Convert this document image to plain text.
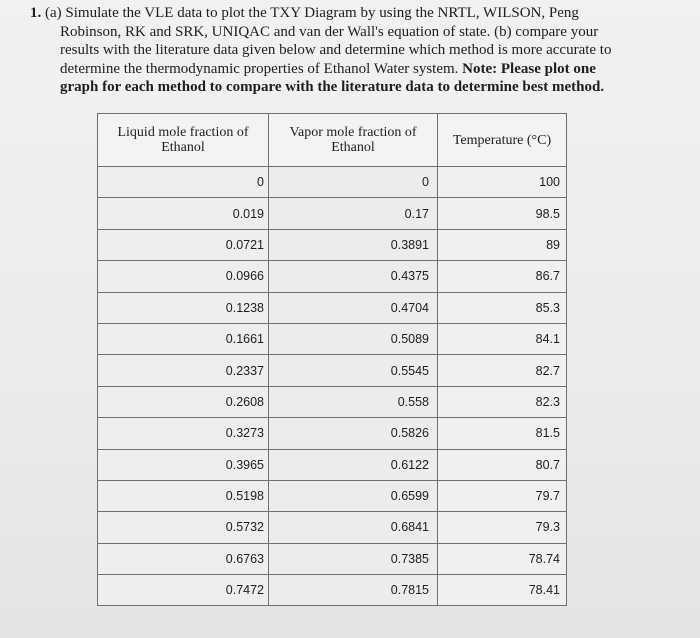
1. (a) Simulate the VLE data to plot the TXY Diagram by using the NRTL, WILSON, Peng
Robinson, RK and SRK, UNIQAC and van der Wall's equation of state. (b) compare your
results with the literature data given below and determine which method is more accurate to
determine the thermodynamic properties of Ethanol Water system. Note: Please plot one
graph for each method to compare with the literature data to determine best method.
Liquid mole fraction of Ethanol	Vapor mole fraction of Ethanol	Temperature (°C)
0	0	100
0.019	0.17	98.5
0.0721	0.3891	89
0.0966	0.4375	86.7
0.1238	0.4704	85.3
0.1661	0.5089	84.1
0.2337	0.5545	82.7
0.2608	0.558	82.3
0.3273	0.5826	81.5
0.3965	0.6122	80.7
0.5198	0.6599	79.7
0.5732	0.6841	79.3
0.6763	0.7385	78.74
0.7472	0.7815	78.41
